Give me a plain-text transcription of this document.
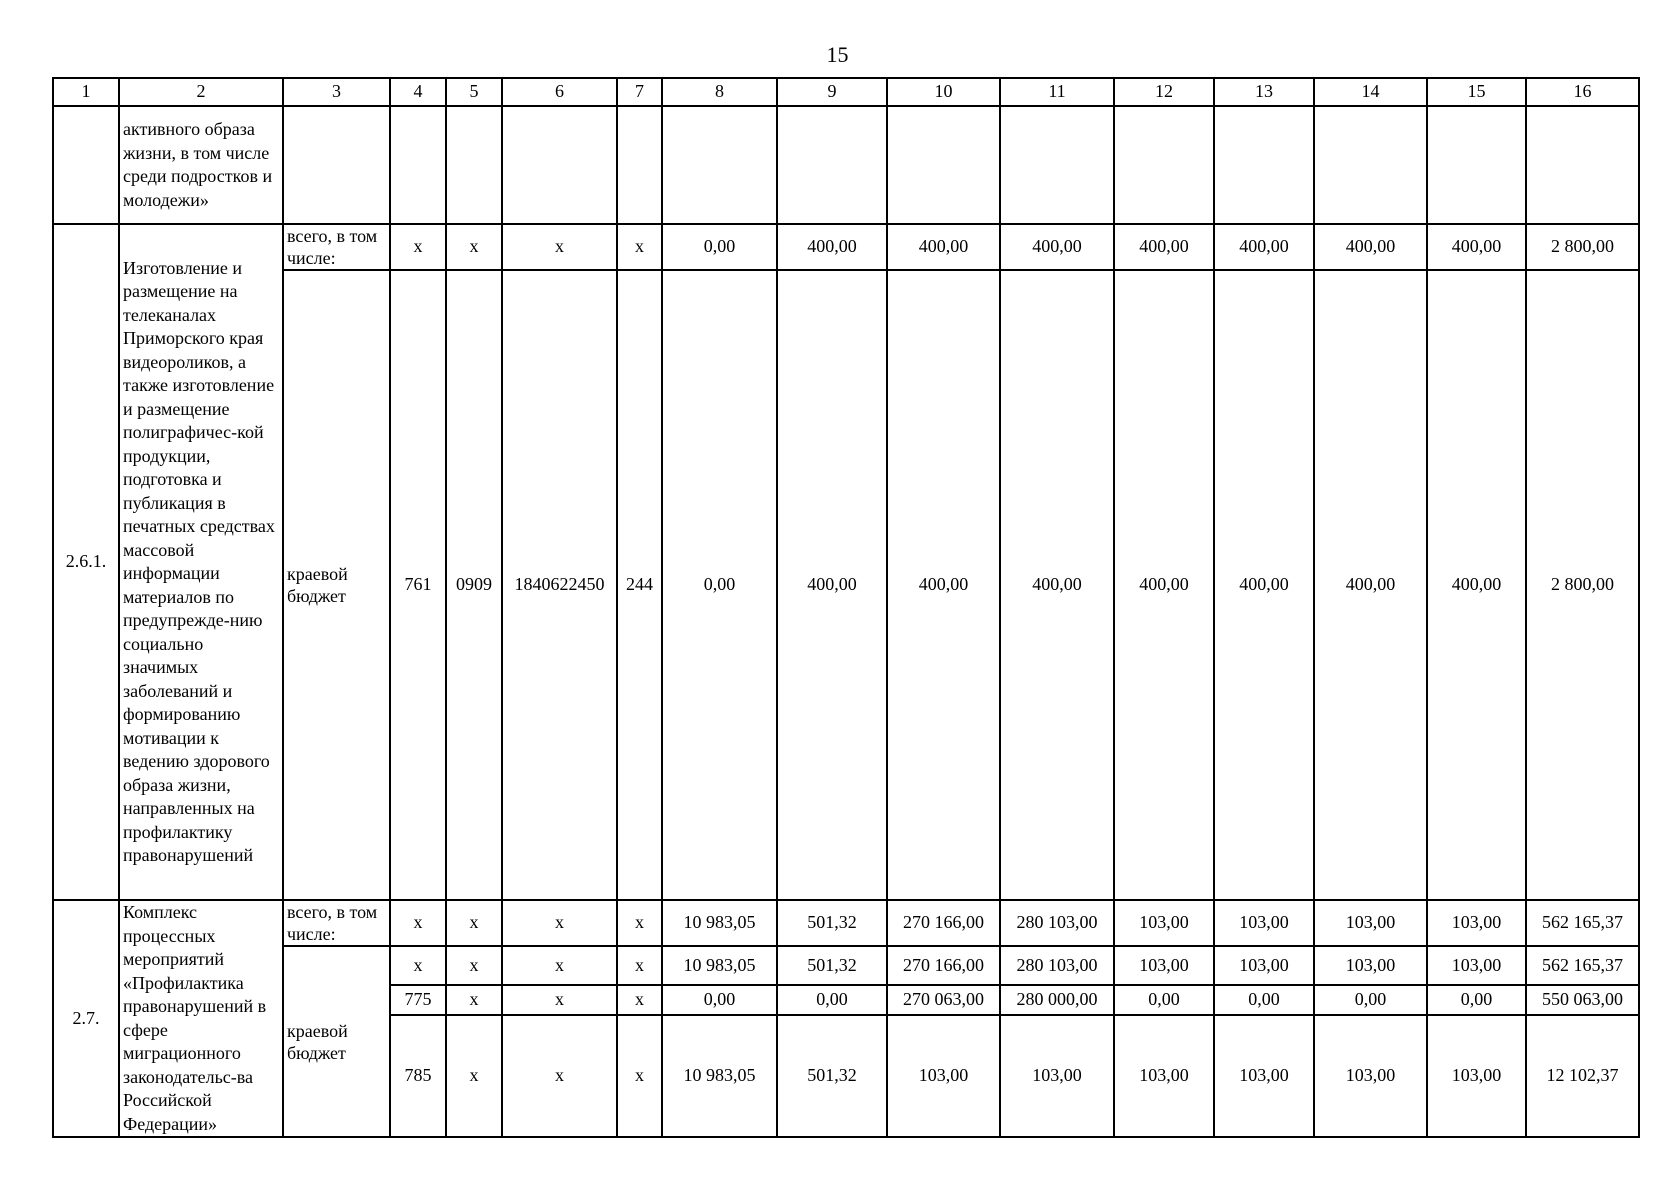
15
1	2	3	4	5	6	7	8	9	10	11	12	13	14	15	16
	активного образа жизни, в том числе среди подростков и молодежи»														
2.6.1.	Изготовление и размещение на телеканалах Приморского края видеороликов, а также изготовление и размещение полиграфичес-кой продукции, подготовка и публикация в печатных средствах массовой информации материалов по предупрежде-нию социально значимых заболеваний и формированию мотивации к ведению здорового образа жизни, направленных на профилактику правонарушений	всего, в том числе:	x	x	x	x	0,00	400,00	400,00	400,00	400,00	400,00	400,00	400,00	2 800,00
		краевой бюджет	761	0909	1840622450	244	0,00	400,00	400,00	400,00	400,00	400,00	400,00	400,00	2 800,00
2.7.	Комплекс процессных мероприятий «Профилактика правонарушений в сфере миграционного законодательс-ва Российской Федерации»	всего, в том числе:	x	x	x	x	10 983,05	501,32	270 166,00	280 103,00	103,00	103,00	103,00	103,00	562 165,37
		краевой бюджет	x	x	x	x	10 983,05	501,32	270 166,00	280 103,00	103,00	103,00	103,00	103,00	562 165,37
			775	x	x	x	0,00	0,00	270 063,00	280 000,00	0,00	0,00	0,00	0,00	550 063,00
			785	x	x	x	10 983,05	501,32	103,00	103,00	103,00	103,00	103,00	103,00	12 102,37
